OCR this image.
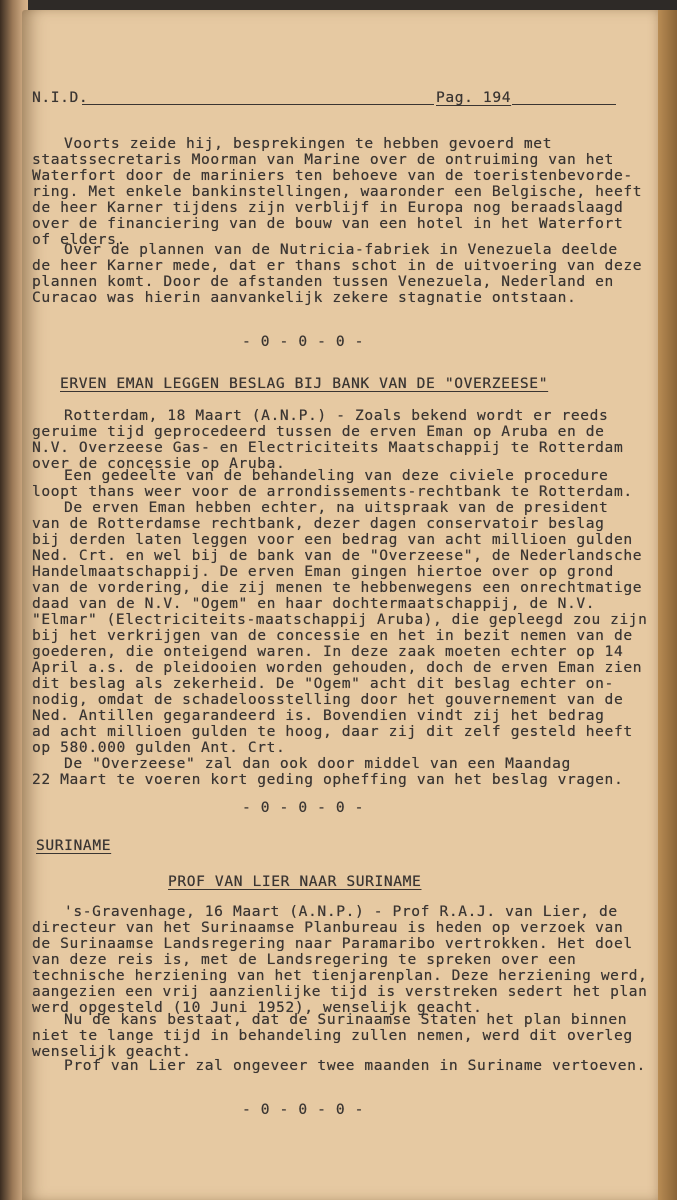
N.I.D.	Pag. 194
Voorts zeide hij, besprekingen te hebben gevoerd met
staatssecretaris Moorman van Marine over de ontruiming van het
Waterfort door de mariniers ten behoeve van de toeristenbevorde-
ring. Met enkele bankinstellingen, waaronder een Belgische, heeft
de heer Karner tijdens zijn verblijf in Europa nog beraadslaagd
over de financiering van de bouw van een hotel in het Waterfort
of elders.
Over de plannen van de Nutricia-fabriek in Venezuela deelde
de heer Karner mede, dat er thans schot in de uitvoering van deze
plannen komt. Door de afstanden tussen Venezuela, Nederland en
Curacao was hierin aanvankelijk zekere stagnatie ontstaan.
- 0 - 0 - 0 -
ERVEN EMAN LEGGEN BESLAG BIJ BANK VAN DE "OVERZEESE"
Rotterdam, 18 Maart (A.N.P.) - Zoals bekend wordt er reeds
geruime tijd geprocedeerd tussen de erven Eman op Aruba en de
N.V. Overzeese Gas- en Electriciteits Maatschappij te Rotterdam
over de concessie op Aruba.
Een gedeelte van de behandeling van deze civiele procedure
loopt thans weer voor de arrondissements-rechtbank te Rotterdam.
De erven Eman hebben echter, na uitspraak van de president
van de Rotterdamse rechtbank, dezer dagen conservatoir beslag
bij derden laten leggen voor een bedrag van acht millioen gulden
Ned. Crt. en wel bij de bank van de "Overzeese", de Nederlandsche
Handelmaatschappij. De erven Eman gingen hiertoe over op grond
van de vordering, die zij menen te hebbenwegens een onrechtmatige
daad van de N.V. "Ogem" en haar dochtermaatschappij, de N.V.
"Elmar" (Electriciteits-maatschappij Aruba), die gepleegd zou zijn
bij het verkrijgen van de concessie en het in bezit nemen van de
goederen, die onteigend waren. In deze zaak moeten echter op 14
April a.s. de pleidooien worden gehouden, doch de erven Eman zien
dit beslag als zekerheid. De "Ogem" acht dit beslag echter on-
nodig, omdat de schadeloosstelling door het gouvernement van de
Ned. Antillen gegarandeerd is. Bovendien vindt zij het bedrag
ad acht millioen gulden te hoog, daar zij dit zelf gesteld heeft
op 580.000 gulden Ant. Crt.
De "Overzeese" zal dan ook door middel van een Maandag
22 Maart te voeren kort geding opheffing van het beslag vragen.
- 0 - 0 - 0 -
SURINAME
PROF VAN LIER NAAR SURINAME
's-Gravenhage, 16 Maart (A.N.P.) - Prof R.A.J. van Lier, de
directeur van het Surinaamse Planbureau is heden op verzoek van
de Surinaamse Landsregering naar Paramaribo vertrokken. Het doel
van deze reis is, met de Landsregering te spreken over een
technische herziening van het tienjarenplan. Deze herziening werd,
aangezien een vrij aanzienlijke tijd is verstreken sedert het plan
werd opgesteld (10 Juni 1952), wenselijk geacht.
Nu de kans bestaat, dat de Surinaamse Staten het plan binnen
niet te lange tijd in behandeling zullen nemen, werd dit overleg
wenselijk geacht.
Prof van Lier zal ongeveer twee maanden in Suriname vertoeven.
- 0 - 0 - 0 -
